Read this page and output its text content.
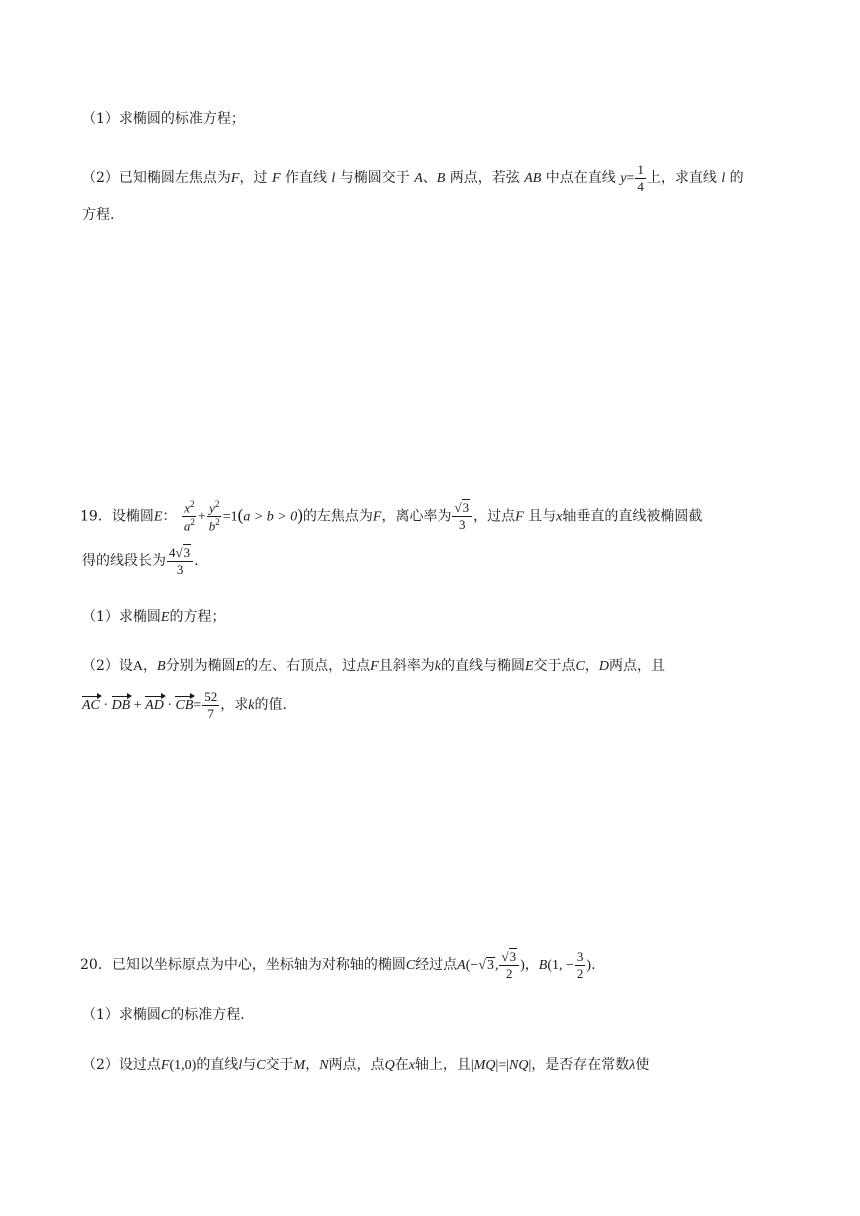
（1）求椭圆的标准方程；
（2）已知椭圆左焦点为F，过 F 作直线 l 与椭圆交于 A、B 两点，若弦 AB 中点在直线 $y= \frac{1}{4}$ 上，求直线 l 的
方程.
19．设椭圆E： $\frac{x^2}{a^2} + \frac{y^2}{b^2} =1(a > b > 0)$的左焦点为F，离心率为 $\frac{√3}{3}$ ，过点F 且与x轴垂直的直线被椭圆截
得的线段长为 $\frac{4√3}{3}$ .
（1）求椭圆E的方程；
（2）设A，B分别为椭圆E的左、右顶点，过点F且斜率为k的直线与椭圆E交于点C，D两点，且
AC · DB + AD · $CB= \frac{52}{7}$ ，求k的值.
20．已知以坐标原点为中心，坐标轴为对称轴的椭圆C经过点A(−√3, $\frac{√3}{2}$ )，B(1, − $\frac{3}{2}$ ).
（1）求椭圆C的标准方程.
（2）设过点F(1,0)的直线l与C交于M，N两点，点Q在x轴上，且|MQ|=|NQ|，是否存在常数λ使
